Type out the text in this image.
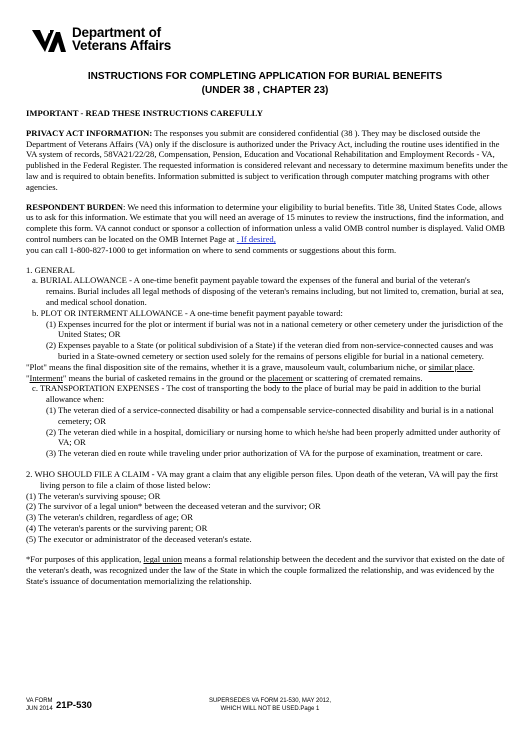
Department of
Veterans Affairs
INSTRUCTIONS FOR COMPLETING APPLICATION FOR BURIAL BENEFITS
(UNDER 38 , CHAPTER 23)
IMPORTANT - READ THESE INSTRUCTIONS CAREFULLY

PRIVACY ACT INFORMATION: The responses you submit are considered confidential (38 ). They may be disclosed outside the Department of Veterans Affairs (VA) only if the disclosure is authorized under the Privacy Act, including the routine uses identified in the VA system of records, 58VA21/22/28, Compensation, Pension, Education and Vocational Rehabilitation and Employment Records - VA, published in the Federal Register. The requested information is considered relevant and necessary to determine maximum benefits under the law and is required to obtain benefits. Information submitted is subject to verification through computer matching programs with other agencies.

RESPONDENT BURDEN: We need this information to determine your eligibility to burial benefits. Title 38, United States Code, allows us to ask for this information. We estimate that you will need an average of 15 minutes to review the instructions, find the information, and complete this form. VA cannot conduct or sponsor a collection of information unless a valid OMB control number is displayed. Valid OMB control numbers can be located on the OMB Internet Page at . If desired,

you can call 1-800-827-1000 to get information on where to send comments or suggestions about this form.

1. GENERAL
a. BURIAL ALLOWANCE - A one-time benefit payment payable toward the expenses of the funeral and burial of the veteran's
remains. Burial includes all legal methods of disposing of the veteran's remains including, but not limited to, cremation, burial at sea, and medical school donation.
b. PLOT OR INTERMENT ALLOWANCE - A one-time benefit payment payable toward:
(1) Expenses incurred for the plot or interment if burial was not in a national cemetery or other cemetery under the jurisdiction of the United States; OR
(2) Expenses payable to a State (or political subdivision of a State) if the veteran died from non-service-connected causes and was buried in a State-owned cemetery or section used solely for the remains of persons eligible for burial in a national cemetery.
"Plot" means the final disposition site of the remains, whether it is a grave, mausoleum vault, columbarium niche, or similar place.
"Interment" means the burial of casketed remains in the ground or the placement or scattering of cremated remains.
c. TRANSPORTATION EXPENSES - The cost of transporting the body to the place of burial may be paid in addition to the burial allowance when:
(1) The veteran died of a service-connected disability or had a compensable service-connected disability and burial is in a national cemetery; OR
(2) The veteran died while in a hospital, domiciliary or nursing home to which he/she had been properly admitted under authority of VA; OR
(3) The veteran died en route while traveling under prior authorization of VA for the purpose of examination, treatment or care.
2. WHO SHOULD FILE A CLAIM - VA may grant a claim that any eligible person files. Upon death of the veteran, VA will pay the first living person to file a claim of those listed below:
(1) The veteran's surviving spouse; OR
(2) The survivor of a legal union* between the deceased veteran and the survivor; OR
(3) The veteran's children, regardless of age; OR
(4) The veteran's parents or the surviving parent; OR
(5) The executor or administrator of the deceased veteran's estate.

*For purposes of this application, legal union means a formal relationship between the decedent and the survivor that existed on the date of the veteran's death, was recognized under the law of the State in which the couple formalized the relationship, and was evidenced by the State's issuance of documentation memorializing the relationship.

VA FORM
JUN 2014 21P-530	SUPERSEDES VA FORM 21-530, MAY 2012,
WHICH WILL NOT BE USED.Page 1
